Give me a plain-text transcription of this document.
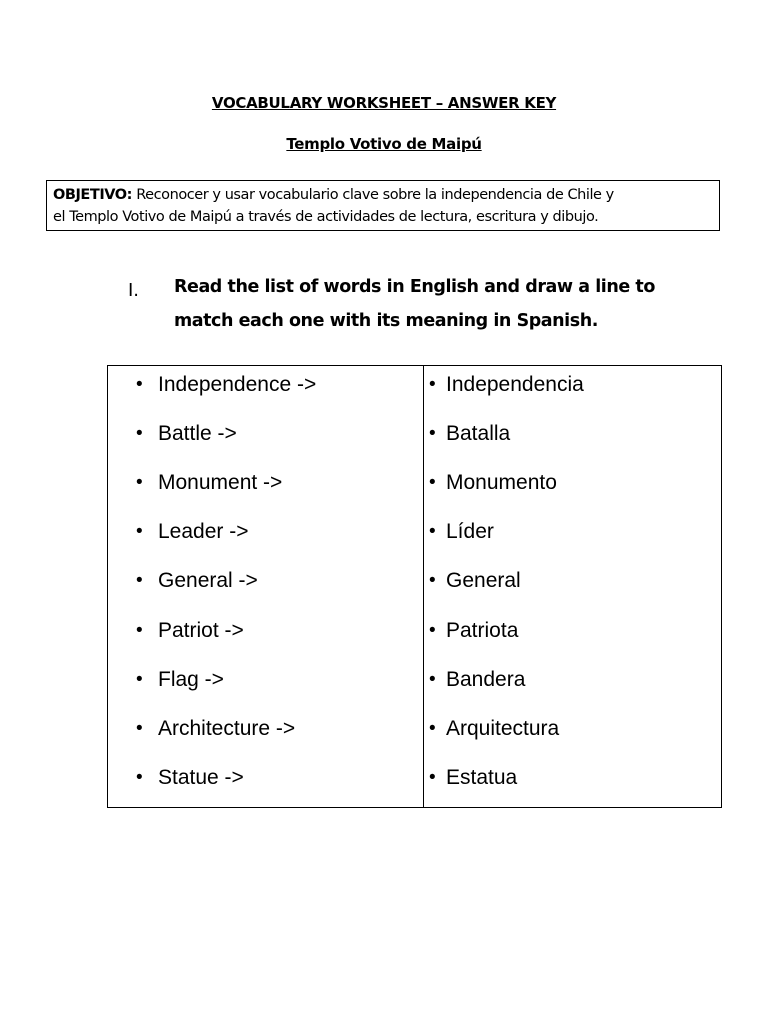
VOCABULARY WORKSHEET – ANSWER KEY
Templo Votivo de Maipú
OBJETIVO: Reconocer y usar vocabulario clave sobre la independencia de Chile y
el Templo Votivo de Maipú a través de actividades de lectura, escritura y dibujo.
I. Read the list of words in English and draw a line to
match each one with its meaning in Spanish.
• Independence ->
• Battle ->
• Monument ->
• Leader ->
• General ->
• Patriot ->
• Flag ->
• Architecture ->
• Statue ->
• Independencia
• Batalla
• Monumento
• Líder
• General
• Patriota
• Bandera
• Arquitectura
• Estatua
